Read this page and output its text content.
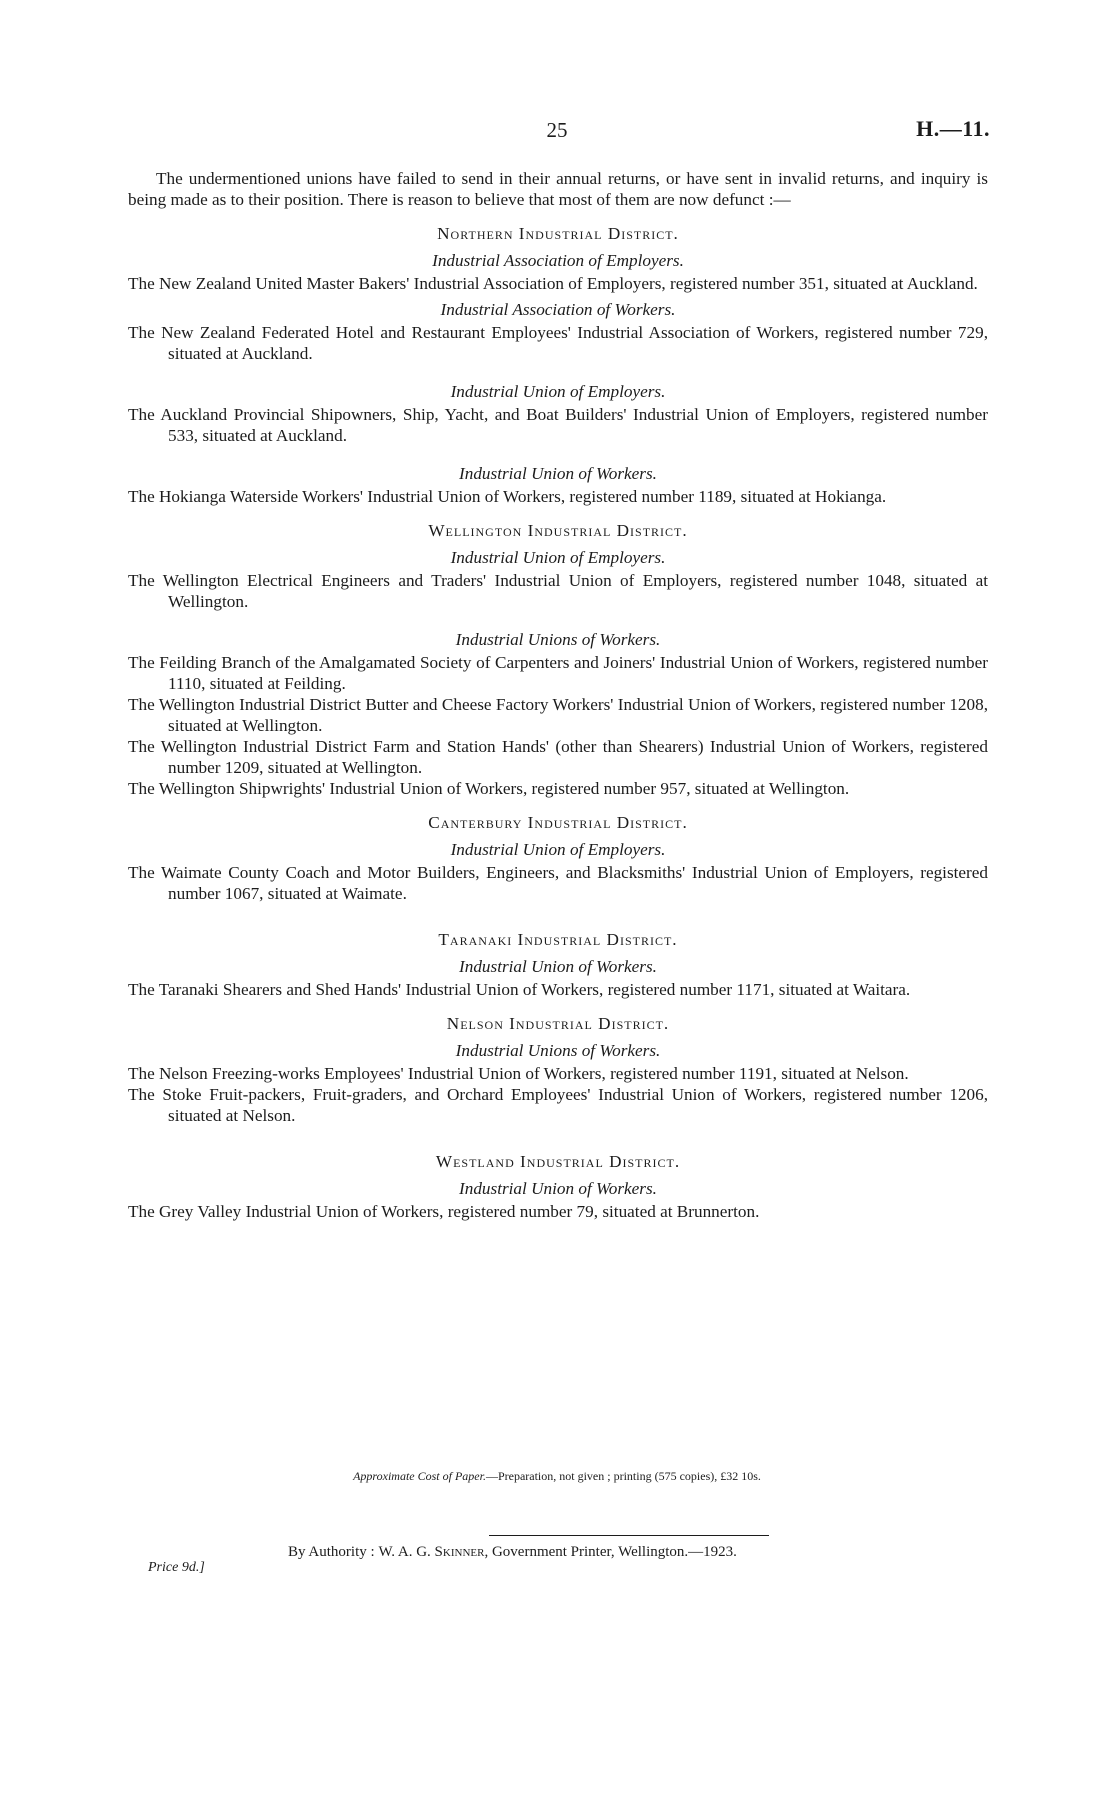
25	H.—11.

The undermentioned unions have failed to send in their annual returns, or have sent in invalid returns, and inquiry is being made as to their position. There is reason to believe that most of them are now defunct :—

Northern Industrial District.
Industrial Association of Employers.

The New Zealand United Master Bakers' Industrial Association of Employers, registered number 351, situated at Auckland.

Industrial Association of Workers.

The New Zealand Federated Hotel and Restaurant Employees' Industrial Association of Workers, registered number 729, situated at Auckland.

Industrial Union of Employers.

The Auckland Provincial Shipowners, Ship, Yacht, and Boat Builders' Industrial Union of Employers, registered number 533, situated at Auckland.

Industrial Union of Workers.

The Hokianga Waterside Workers' Industrial Union of Workers, registered number 1189, situated at Hokianga.

Wellington Industrial District.
Industrial Union of Employers.

The Wellington Electrical Engineers and Traders' Industrial Union of Employers, registered number 1048, situated at Wellington.

Industrial Unions of Workers.

The Feilding Branch of the Amalgamated Society of Carpenters and Joiners' Industrial Union of Workers, registered number 1110, situated at Feilding.

The Wellington Industrial District Butter and Cheese Factory Workers' Industrial Union of Workers, registered number 1208, situated at Wellington.

The Wellington Industrial District Farm and Station Hands' (other than Shearers) Industrial Union of Workers, registered number 1209, situated at Wellington.

The Wellington Shipwrights' Industrial Union of Workers, registered number 957, situated at Wellington.

Canterbury Industrial District.
Industrial Union of Employers.

The Waimate County Coach and Motor Builders, Engineers, and Blacksmiths' Industrial Union of Employers, registered number 1067, situated at Waimate.

Taranaki Industrial District.
Industrial Union of Workers.

The Taranaki Shearers and Shed Hands' Industrial Union of Workers, registered number 1171, situated at Waitara.

Nelson Industrial District.
Industrial Unions of Workers.

The Nelson Freezing-works Employees' Industrial Union of Workers, registered number 1191, situated at Nelson.

The Stoke Fruit-packers, Fruit-graders, and Orchard Employees' Industrial Union of Workers, registered number 1206, situated at Nelson.

Westland Industrial District.
Industrial Union of Workers.

The Grey Valley Industrial Union of Workers, registered number 79, situated at Brunnerton.

Approximate Cost of Paper.—Preparation, not given ; printing (575 copies), £32 10s.
By Authority : W. A. G. Skinner, Government Printer, Wellington.—1923.
Price 9d.]
